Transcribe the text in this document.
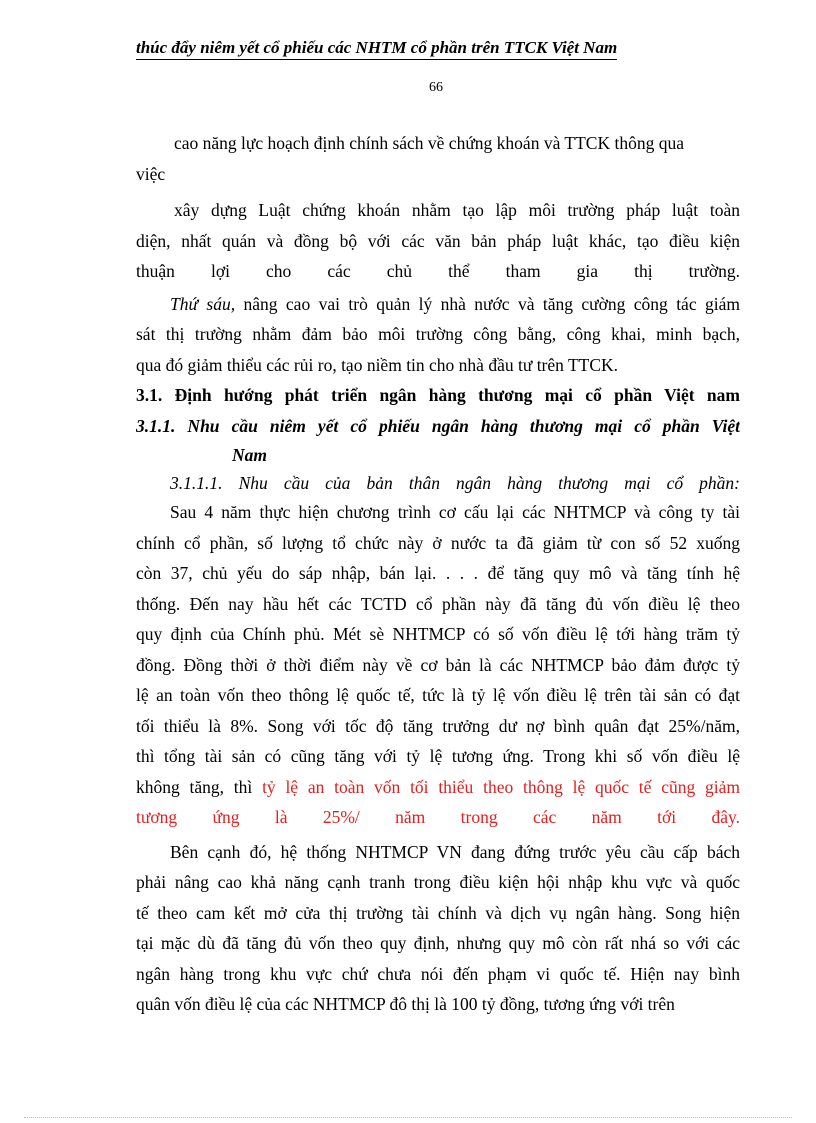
thúc đẩy niêm yết cổ phiếu các NHTM cổ phần trên TTCK Việt Nam
66
cao năng lực hoạch định chính sách về chứng khoán và TTCK thông qua
việc
xây dựng Luật chứng khoán nhằm tạo lập môi trường pháp luật toàn
diện, nhất quán và đồng bộ với các văn bản pháp luật khác, tạo điều kiện
thuận lợi cho các chủ thể tham gia thị trường.
Thứ sáu, nâng cao vai trò quản lý nhà nước và tăng cường công tác giám
sát thị trường nhằm đảm bảo môi trường công bằng, công khai, minh bạch,
qua đó giảm thiểu các rủi ro, tạo niềm tin cho nhà đầu tư trên TTCK.
3.1. Định hướng phát triển ngân hàng thương mại cổ phần Việt nam
3.1.1. Nhu cầu niêm yết cổ phiếu ngân hàng thương mại cổ phần Việt
Nam
3.1.1.1. Nhu cầu của bản thân ngân hàng thương mại cổ phần:
Sau 4 năm thực hiện chương trình cơ cấu lại các NHTMCP và công ty tài
chính cổ phần, số lượng tổ chức này ở nước ta đã giảm từ con số 52 xuống
còn 37, chủ yếu do sáp nhập, bán lại. . . . để tăng quy mô và tăng tính hệ
thống. Đến nay hầu hết các TCTD cổ phần này đã tăng đủ vốn điều lệ theo
quy định của Chính phủ. Mét sè NHTMCP có số vốn điều lệ tới hàng trăm tỷ
đồng. Đồng thời ở thời điểm này về cơ bản là các NHTMCP bảo đảm được tỷ
lệ an toàn vốn theo thông lệ quốc tế, tức là tỷ lệ vốn điều lệ trên tài sản có đạt
tối thiểu là 8%. Song với tốc độ tăng trưởng dư nợ bình quân đạt 25%/năm,
thì tổng tài sản có cũng tăng với tỷ lệ tương ứng. Trong khi số vốn điều lệ
không tăng, thì tỷ lệ an toàn vốn tối thiểu theo thông lệ quốc tế cũng giảm
tương ứng là 25%/ năm trong các năm tới đây.
Bên cạnh đó, hệ thống NHTMCP VN đang đứng trước yêu cầu cấp bách
phải nâng cao khả năng cạnh tranh trong điều kiện hội nhập khu vực và quốc
tế theo cam kết mở cửa thị trường tài chính và dịch vụ ngân hàng. Song hiện
tại mặc dù đã tăng đủ vốn theo quy định, nhưng quy mô còn rất nhá so với các
ngân hàng trong khu vực chứ chưa nói đến phạm vi quốc tế. Hiện nay bình
quân vốn điều lệ của các NHTMCP đô thị là 100 tỷ đồng, tương ứng với trên
